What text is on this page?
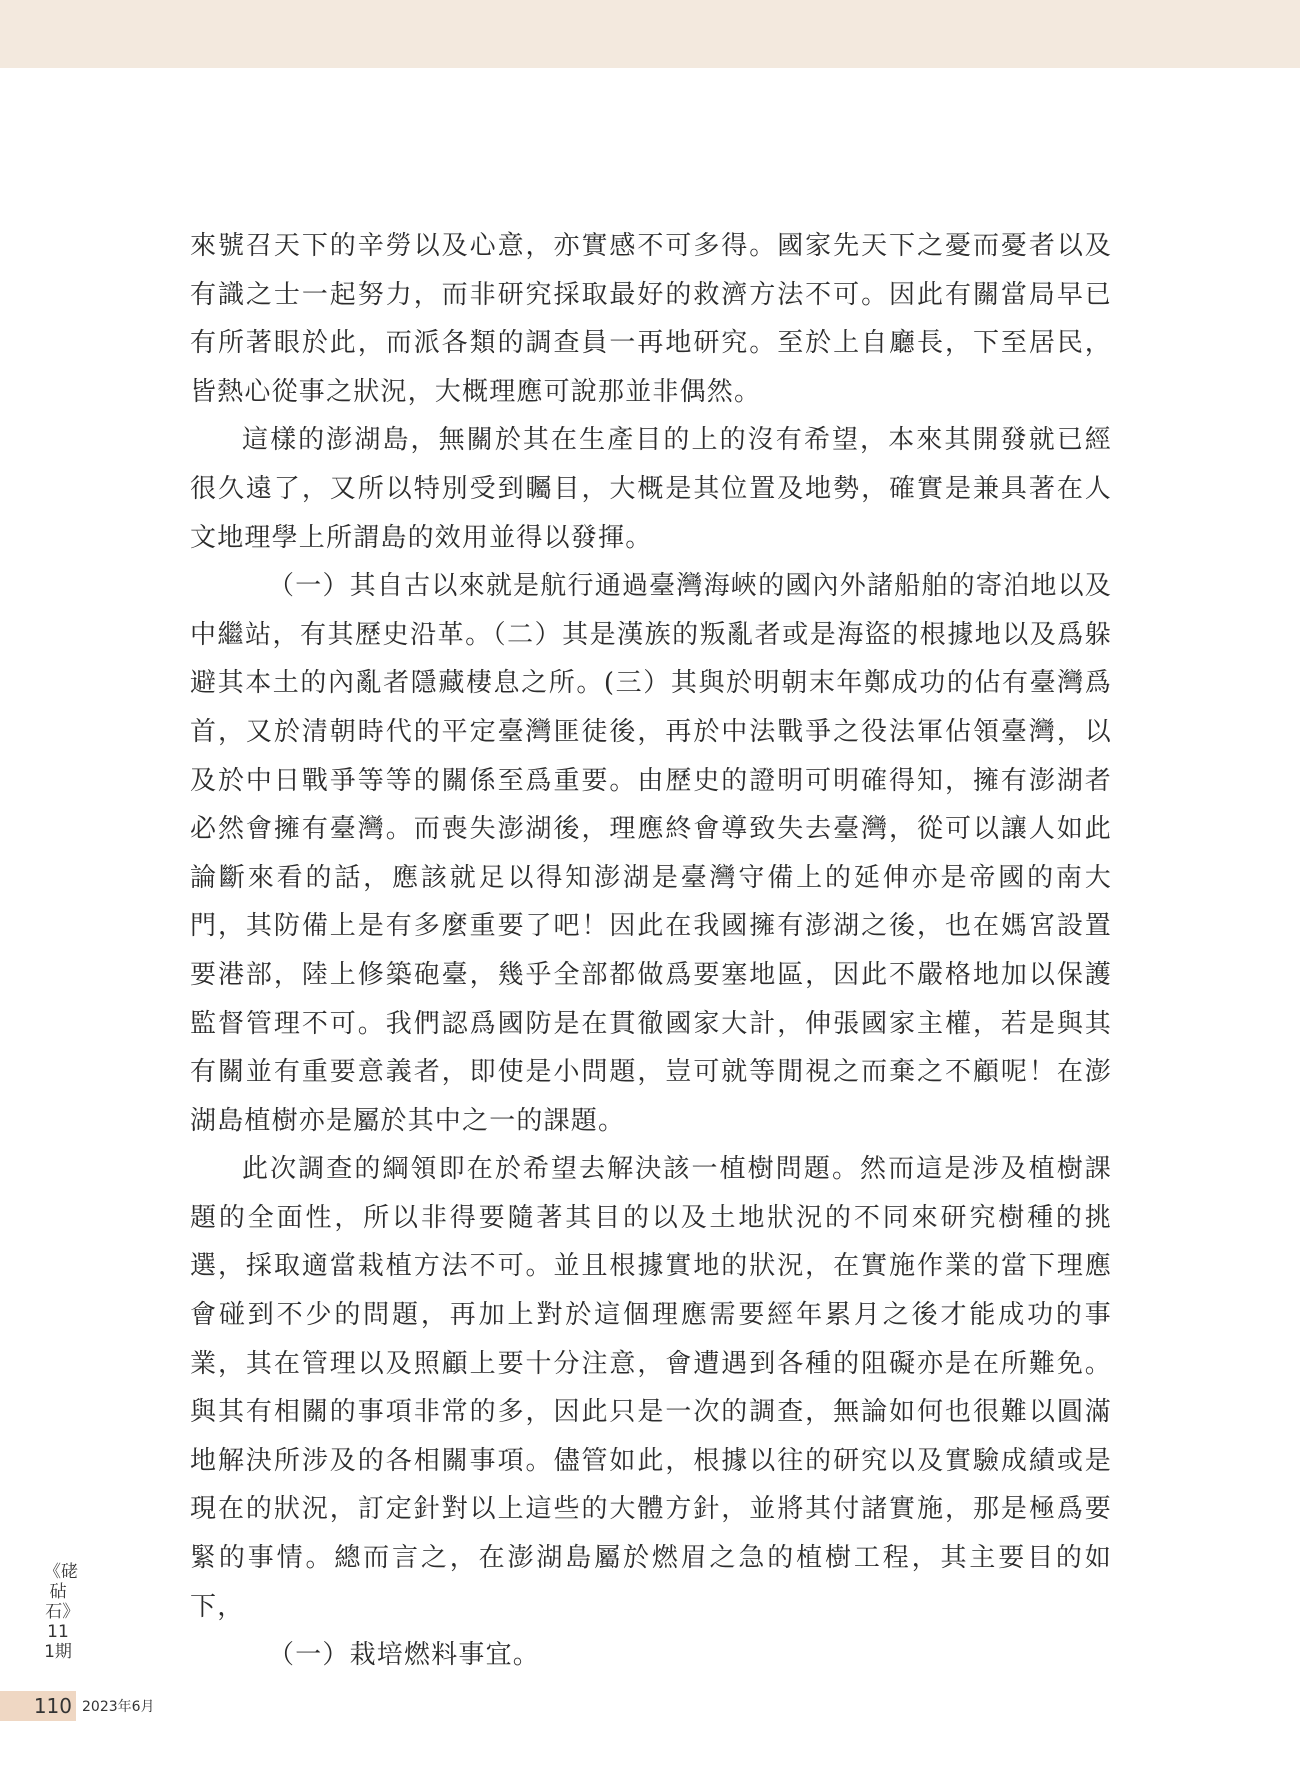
來號召天下的辛勞以及心意，亦實感不可多得。國家先天下之憂而憂者以及有識之士一起努力，而非研究採取最好的救濟方法不可。因此有關當局早已有所著眼於此，而派各類的調查員一再地研究。至於上自廳長，下至居民，皆熱心從事之狀況，大概理應可說那並非偶然。

這樣的澎湖島，無關於其在生產目的上的沒有希望，本來其開發就已經很久遠了，又所以特別受到矚目，大概是其位置及地勢，確實是兼具著在人文地理學上所謂島的效用並得以發揮。

（一）其自古以來就是航行通過臺灣海峽的國內外諸船舶的寄泊地以及中繼站，有其歷史沿革。（二）其是漢族的叛亂者或是海盜的根據地以及爲躲避其本土的內亂者隱藏棲息之所。(三）其與於明朝末年鄭成功的佔有臺灣爲首，又於清朝時代的平定臺灣匪徒後，再於中法戰爭之役法軍佔領臺灣，以及於中日戰爭等等的關係至爲重要。由歷史的證明可明確得知，擁有澎湖者必然會擁有臺灣。而喪失澎湖後，理應終會導致失去臺灣，從可以讓人如此論斷來看的話，應該就足以得知澎湖是臺灣守備上的延伸亦是帝國的南大門，其防備上是有多麼重要了吧！因此在我國擁有澎湖之後，也在媽宮設置要港部，陸上修築砲臺，幾乎全部都做爲要塞地區，因此不嚴格地加以保護監督管理不可。我們認爲國防是在貫徹國家大計，伸張國家主權，若是與其有關並有重要意義者，即使是小問題，豈可就等閒視之而棄之不顧呢！在澎湖島植樹亦是屬於其中之一的課題。

此次調查的綱領即在於希望去解決該一植樹問題。然而這是涉及植樹課題的全面性，所以非得要隨著其目的以及土地狀況的不同來研究樹種的挑選，採取適當栽植方法不可。並且根據實地的狀況，在實施作業的當下理應會碰到不少的問題，再加上對於這個理應需要經年累月之後才能成功的事業，其在管理以及照顧上要十分注意，會遭遇到各種的阻礙亦是在所難免。與其有相關的事項非常的多，因此只是一次的調查，無論如何也很難以圓滿地解決所涉及的各相關事項。儘管如此，根據以往的研究以及實驗成績或是現在的狀況，訂定針對以上這些的大體方針，並將其付諸實施，那是極爲要緊的事情。總而言之，在澎湖島屬於燃眉之急的植樹工程，其主要目的如下，

（一）栽培燃料事宜。

《硓砧石》111期
110 2023年6月
